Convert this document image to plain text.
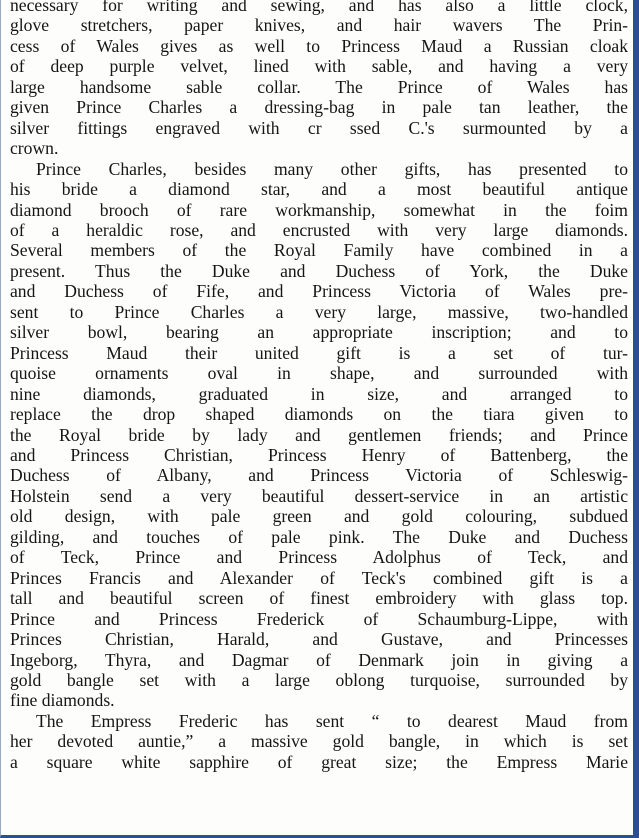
necessary for writing and sewing, and has also a little clock,
glove stretchers, paper knives, and hair wavers The Prin-
cess of Wales gives as well to Princess Maud a Russian cloak
of deep purple velvet, lined with sable, and having a very
large handsome sable collar. The Prince of Wales has
given Prince Charles a dressing-bag in pale tan leather, the
silver fittings engraved with cr ssed C.'s surmounted by a
crown.
Prince Charles, besides many other gifts, has presented to
his bride a diamond star, and a most beautiful antique
diamond brooch of rare workmanship, somewhat in the foim
of a heraldic rose, and encrusted with very large diamonds.
Several members of the Royal Family have combined in a
present. Thus the Duke and Duchess of York, the Duke
and Duchess of Fife, and Princess Victoria of Wales pre-
sent to Prince Charles a very large, massive, two-handled
silver bowl, bearing an appropriate inscription; and to
Princess Maud their united gift is a set of tur-
quoise ornaments oval in shape, and surrounded with
nine diamonds, graduated in size, and arranged to
replace the drop shaped diamonds on the tiara given to
the Royal bride by lady and gentlemen friends; and Prince
and Princess Christian, Princess Henry of Battenberg, the
Duchess of Albany, and Princess Victoria of Schleswig-
Holstein send a very beautiful dessert-service in an artistic
old design, with pale green and gold colouring, subdued
gilding, and touches of pale pink. The Duke and Duchess
of Teck, Prince and Princess Adolphus of Teck, and
Princes Francis and Alexander of Teck's combined gift is a
tall and beautiful screen of finest embroidery with glass top.
Prince and Princess Frederick of Schaumburg-Lippe, with
Princes Christian, Harald, and Gustave, and Princesses
Ingeborg, Thyra, and Dagmar of Denmark join in giving a
gold bangle set with a large oblong turquoise, surrounded by
fine diamonds.
The Empress Frederic has sent “ to dearest Maud from
her devoted auntie,” a massive gold bangle, in which is set
a square white sapphire of great size; the Empress Marie
